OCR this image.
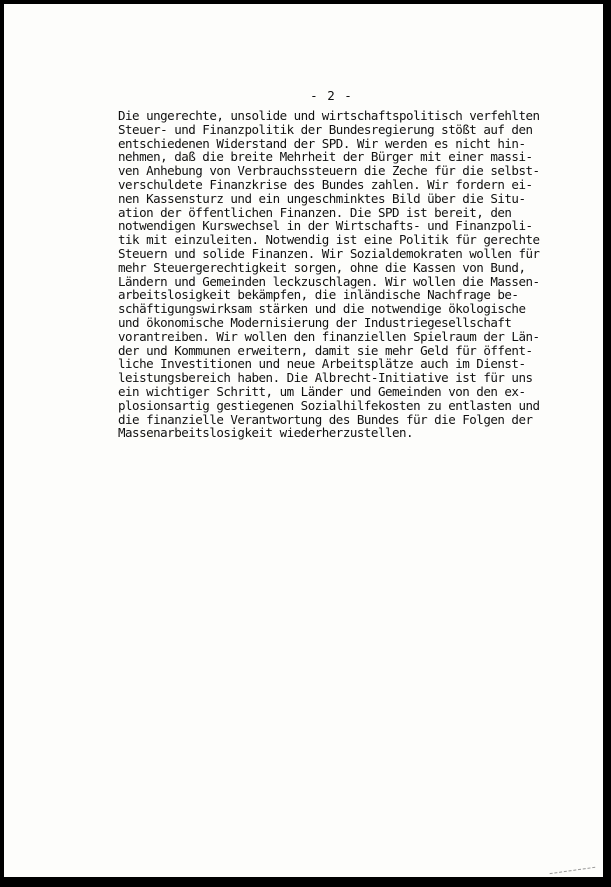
- 2 -
Die ungerechte, unsolide und wirtschaftspolitisch verfehlten
Steuer- und Finanzpolitik der Bundesregierung stößt auf den
entschiedenen Widerstand der SPD. Wir werden es nicht hin-
nehmen, daß die breite Mehrheit der Bürger mit einer massi-
ven Anhebung von Verbrauchssteuern die Zeche für die selbst-
verschuldete Finanzkrise des Bundes zahlen. Wir fordern ei-
nen Kassensturz und ein ungeschminktes Bild über die Situ-
ation der öffentlichen Finanzen. Die SPD ist bereit, den
notwendigen Kurswechsel in der Wirtschafts- und Finanzpoli-
tik mit einzuleiten. Notwendig ist eine Politik für gerechte
Steuern und solide Finanzen. Wir Sozialdemokraten wollen für
mehr Steuergerechtigkeit sorgen, ohne die Kassen von Bund,
Ländern und Gemeinden leckzuschlagen. Wir wollen die Massen-
arbeitslosigkeit bekämpfen, die inländische Nachfrage be-
schäftigungswirksam stärken und die notwendige ökologische
und ökonomische Modernisierung der Industriegesellschaft
vorantreiben. Wir wollen den finanziellen Spielraum der Län-
der und Kommunen erweitern, damit sie mehr Geld für öffent-
liche Investitionen und neue Arbeitsplätze auch im Dienst-
leistungsbereich haben. Die Albrecht-Initiative ist für uns
ein wichtiger Schritt, um Länder und Gemeinden von den ex-
plosionsartig gestiegenen Sozialhilfekosten zu entlasten und
die finanzielle Verantwortung des Bundes für die Folgen der
Massenarbeitslosigkeit wiederherzustellen.
